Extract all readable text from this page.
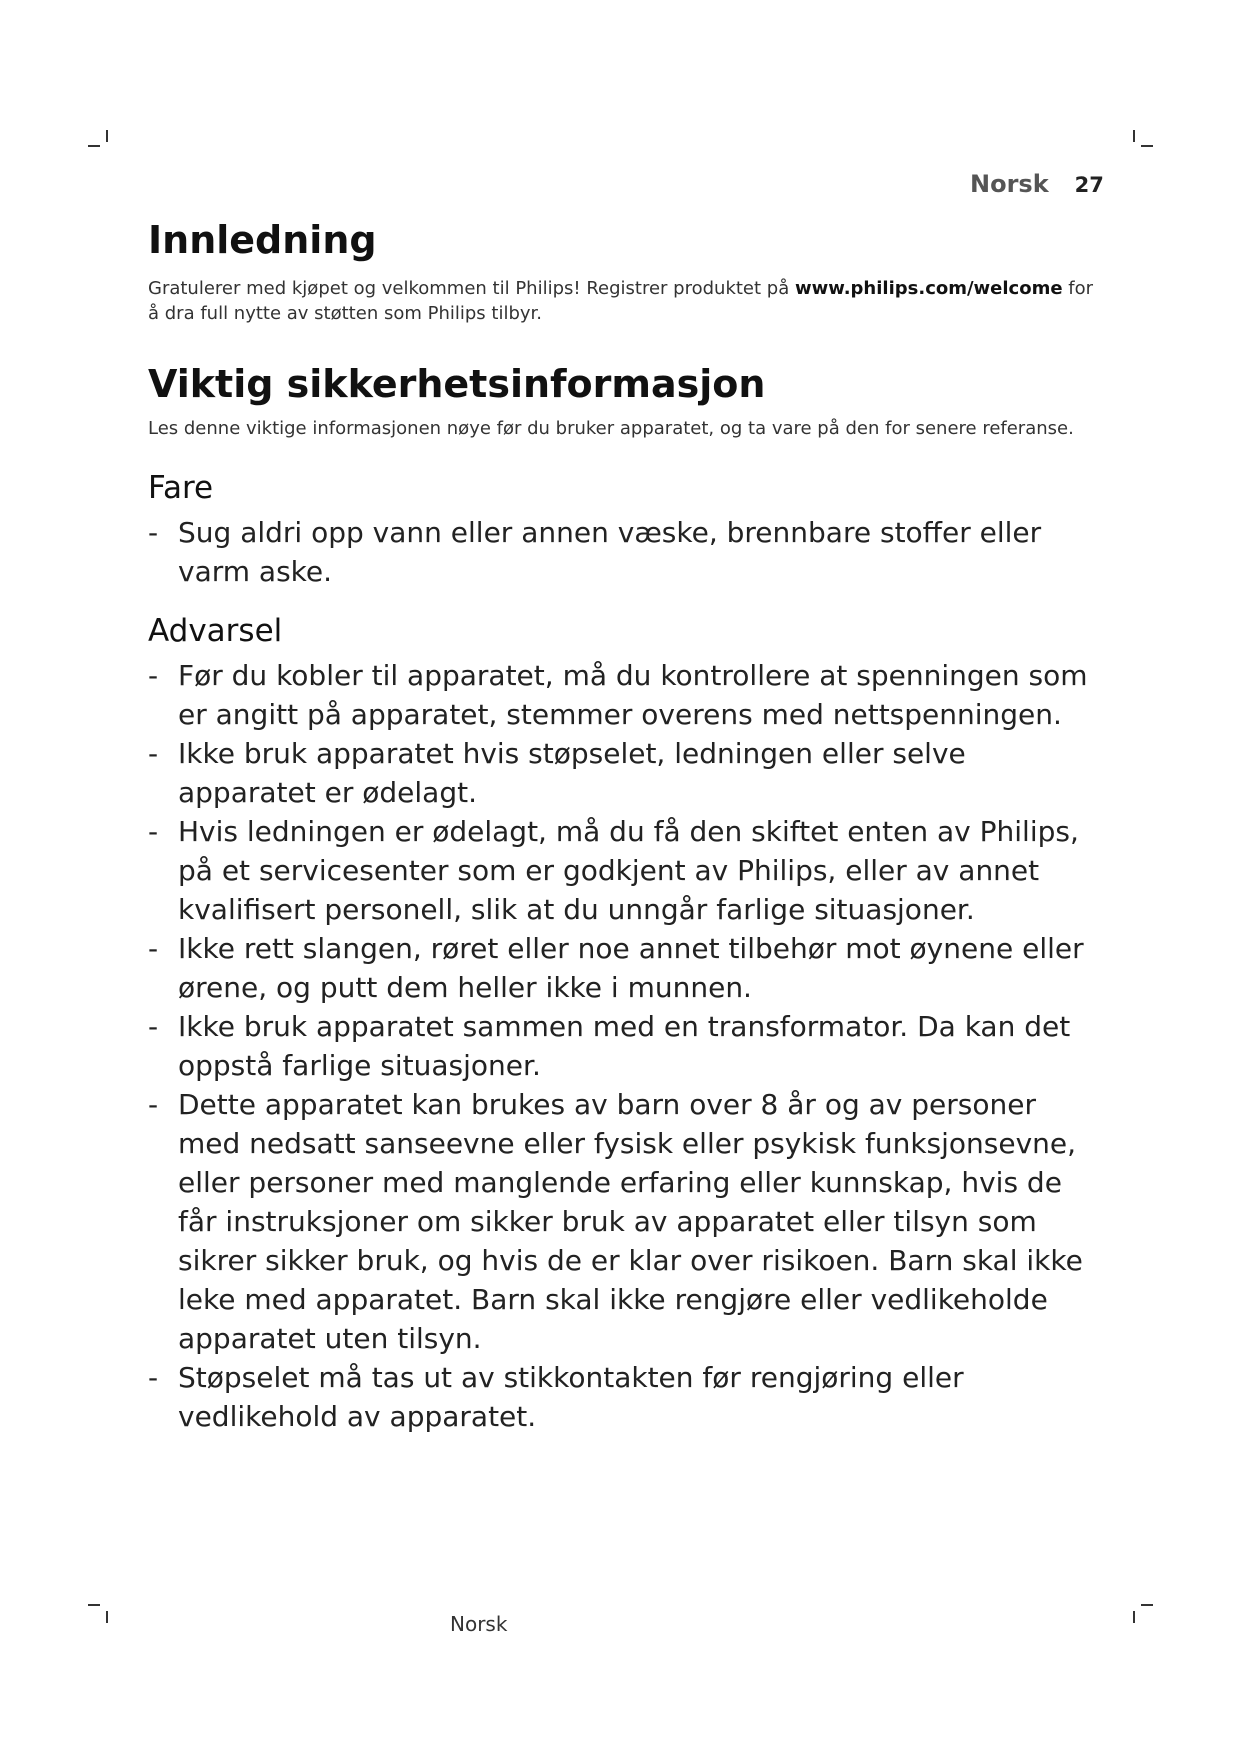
Norsk 27
Innledning

Gratulerer med kjøpet og velkommen til Philips! Registrer produktet på www.philips.com/welcome for å dra full nytte av støtten som Philips tilbyr.

Viktig sikkerhetsinformasjon

Les denne viktige informasjonen nøye før du bruker apparatet, og ta vare på den for senere referanse.

Fare
- Sug aldri opp vann eller annen væske, brennbare stoffer eller varm aske.
Advarsel
- Før du kobler til apparatet, må du kontrollere at spenningen som er angitt på apparatet, stemmer overens med nettspenningen.
- Ikke bruk apparatet hvis støpselet, ledningen eller selve apparatet er ødelagt.
- Hvis ledningen er ødelagt, må du få den skiftet enten av Philips, på et servicesenter som er godkjent av Philips, eller av annet kvalifisert personell, slik at du unngår farlige situasjoner.
- Ikke rett slangen, røret eller noe annet tilbehør mot øynene eller ørene, og putt dem heller ikke i munnen.
- Ikke bruk apparatet sammen med en transformator. Da kan det oppstå farlige situasjoner.
- Dette apparatet kan brukes av barn over 8 år og av personer med nedsatt sanseevne eller fysisk eller psykisk funksjonsevne, eller personer med manglende erfaring eller kunnskap, hvis de får instruksjoner om sikker bruk av apparatet eller tilsyn som sikrer sikker bruk, og hvis de er klar over risikoen. Barn skal ikke leke med apparatet. Barn skal ikke rengjøre eller vedlikeholde apparatet uten tilsyn.
- Støpselet må tas ut av stikkontakten før rengjøring eller vedlikehold av apparatet.
Norsk
